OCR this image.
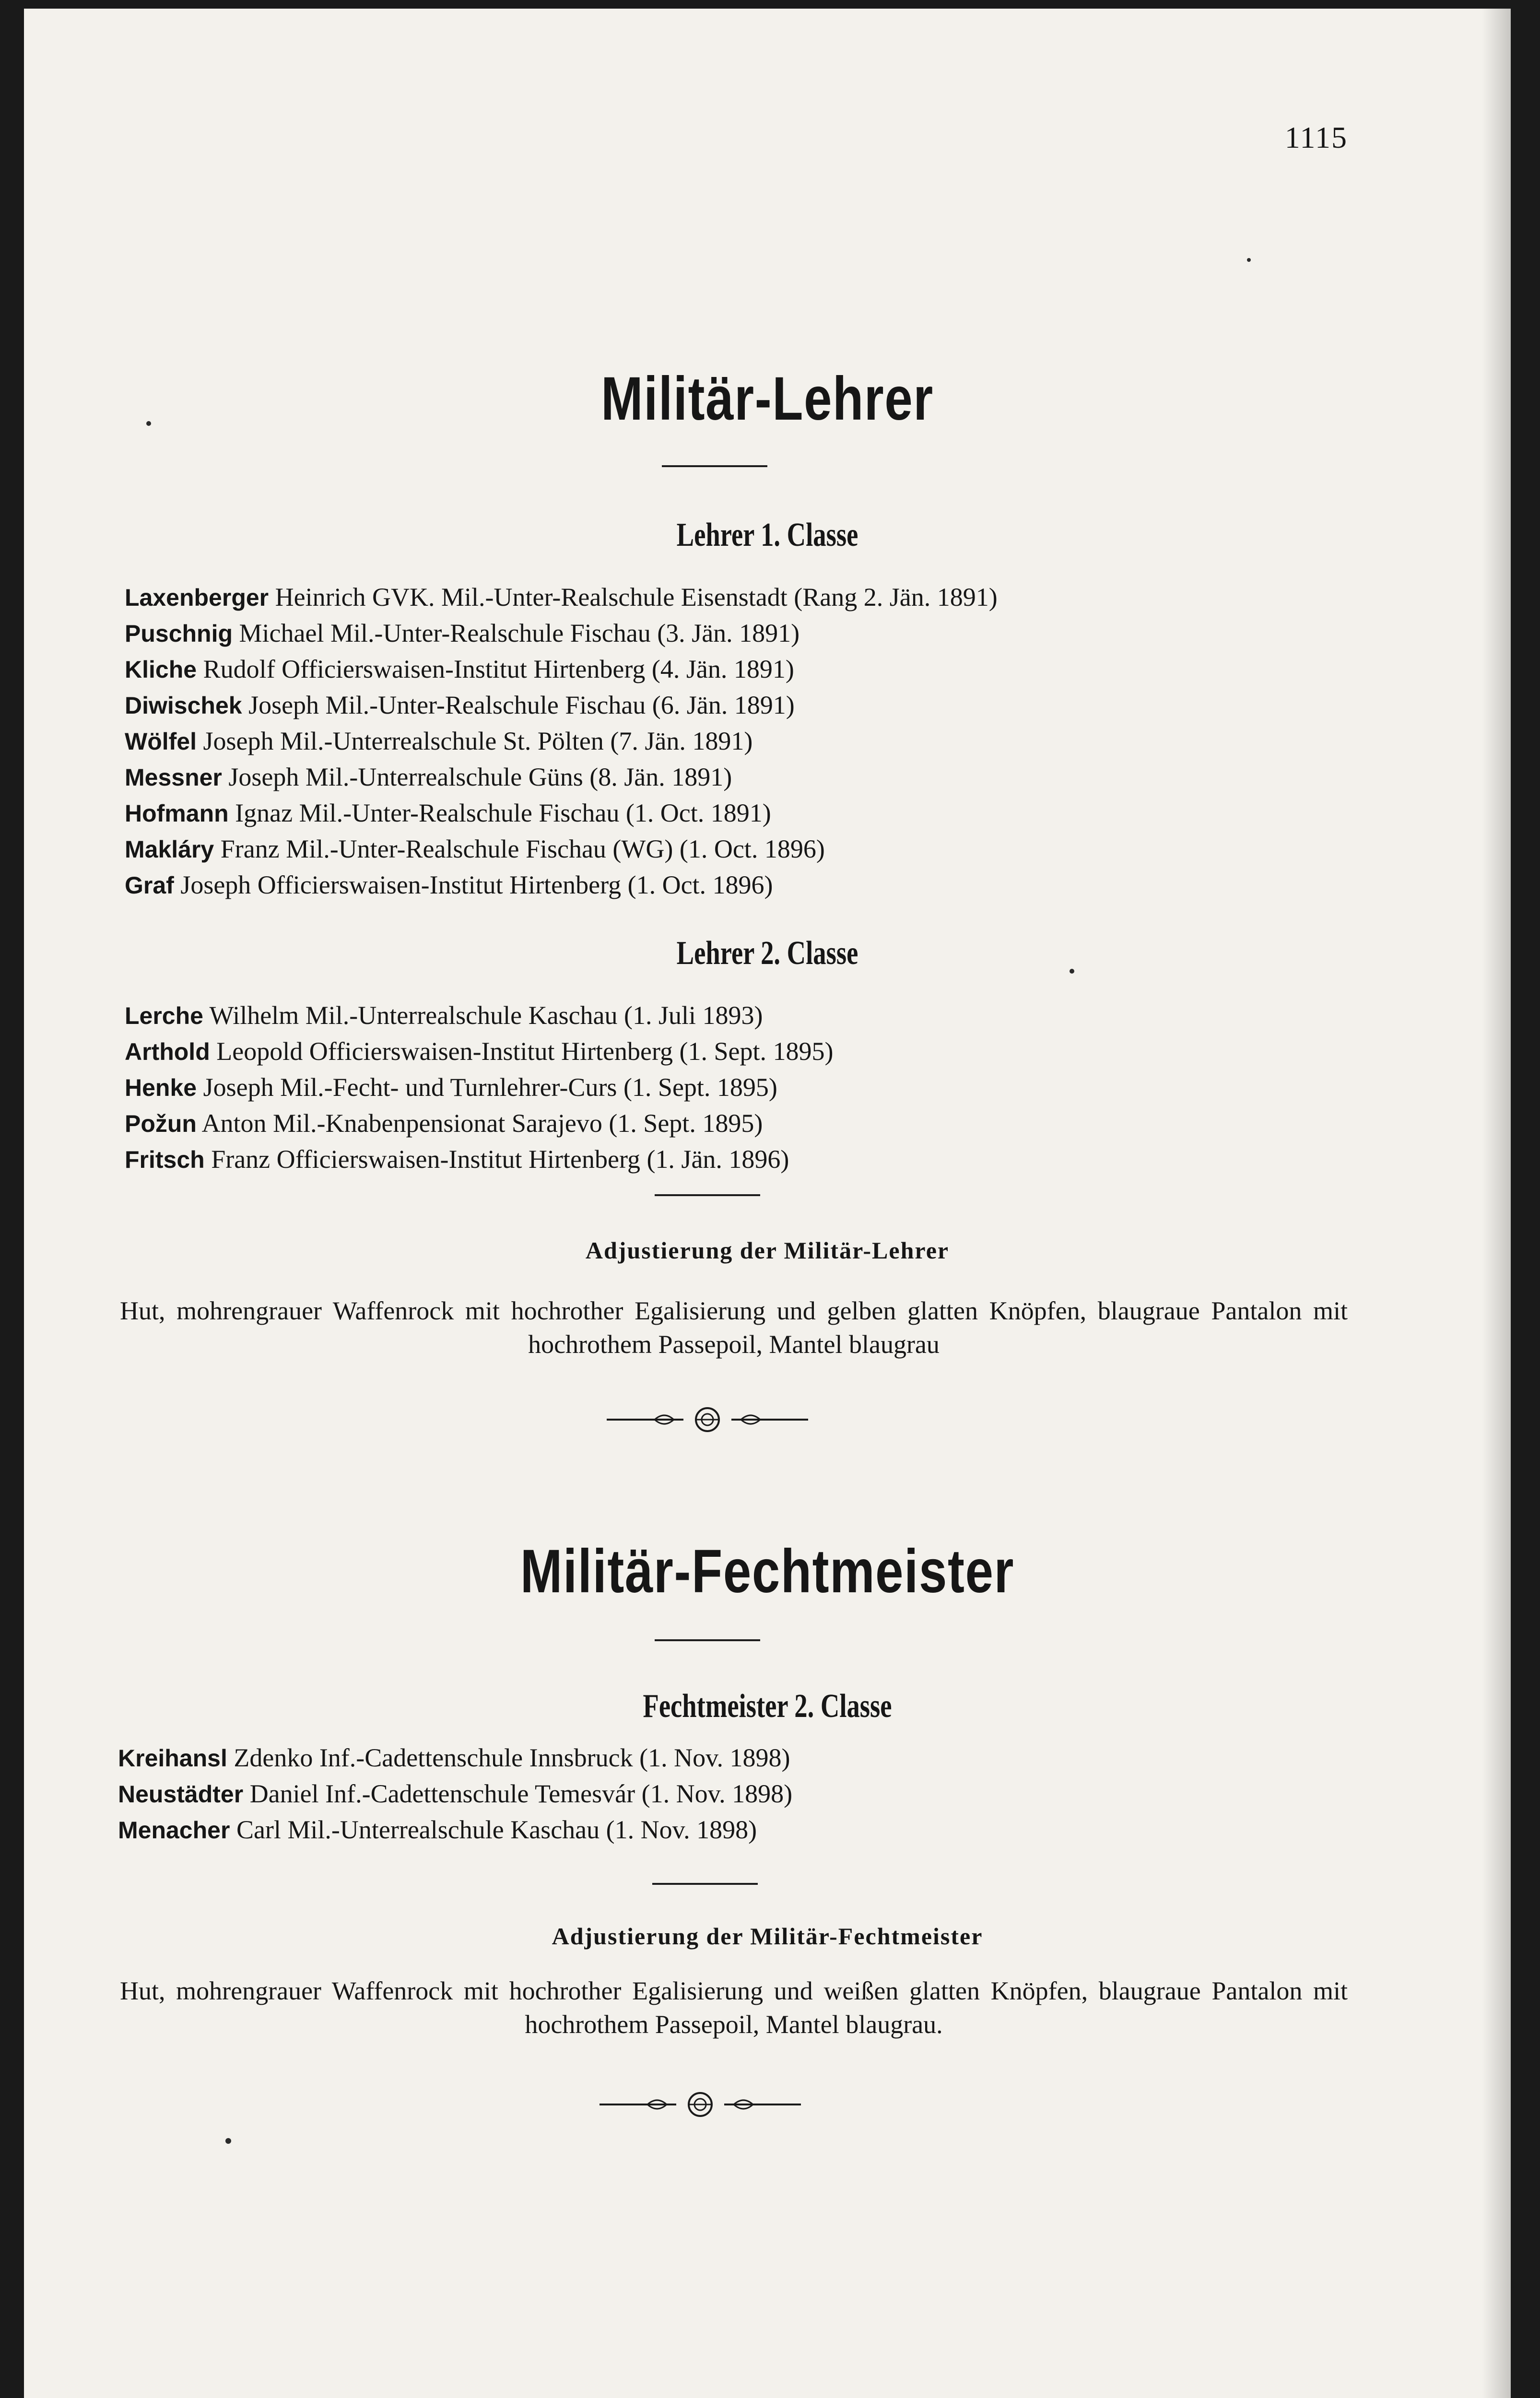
1115
Militär-Lehrer
Lehrer 1. Classe
Laxenberger Heinrich GVK. Mil.-Unter-Realschule Eisenstadt (Rang 2. Jän. 1891)
Puschnig Michael Mil.-Unter-Realschule Fischau (3. Jän. 1891)
Kliche Rudolf Officierswaisen-Institut Hirtenberg (4. Jän. 1891)
Diwischek Joseph Mil.-Unter-Realschule Fischau (6. Jän. 1891)
Wölfel Joseph Mil.-Unterrealschule St. Pölten (7. Jän. 1891)
Messner Joseph Mil.-Unterrealschule Güns (8. Jän. 1891)
Hofmann Ignaz Mil.-Unter-Realschule Fischau (1. Oct. 1891)
Makláry Franz Mil.-Unter-Realschule Fischau (WG) (1. Oct. 1896)
Graf Joseph Officierswaisen-Institut Hirtenberg (1. Oct. 1896)
Lehrer 2. Classe
Lerche Wilhelm Mil.-Unterrealschule Kaschau (1. Juli 1893)
Arthold Leopold Officierswaisen-Institut Hirtenberg (1. Sept. 1895)
Henke Joseph Mil.-Fecht- und Turnlehrer-Curs (1. Sept. 1895)
Požun Anton Mil.-Knabenpensionat Sarajevo (1. Sept. 1895)
Fritsch Franz Officierswaisen-Institut Hirtenberg (1. Jän. 1896)
Adjustierung der Militär-Lehrer
Hut, mohrengrauer Waffenrock mit hochrother Egalisierung und gelben glatten Knöpfen, blaugraue Pantalon mit hochrothem Passepoil, Mantel blaugrau
Militär-Fechtmeister
Fechtmeister 2. Classe
Kreihansl Zdenko Inf.-Cadettenschule Innsbruck (1. Nov. 1898)
Neustädter Daniel Inf.-Cadettenschule Temesvár (1. Nov. 1898)
Menacher Carl Mil.-Unterrealschule Kaschau (1. Nov. 1898)
Adjustierung der Militär-Fechtmeister
Hut, mohrengrauer Waffenrock mit hochrother Egalisierung und weißen glatten Knöpfen, blaugraue Pantalon mit hochrothem Passepoil, Mantel blaugrau.
